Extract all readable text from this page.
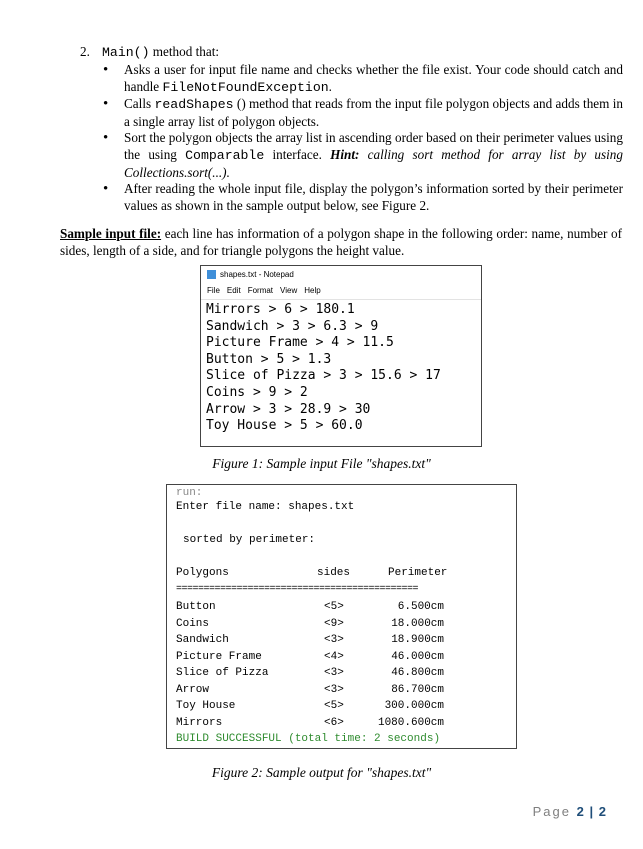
2. Main() method that:
• Asks a user for input file name and checks whether the file exist. Your code should catch and handle FileNotFoundException.
• Calls readShapes () method that reads from the input file polygon objects and adds them in a single array list of polygon objects.
• Sort the polygon objects the array list in ascending order based on their perimeter values using the using Comparable interface. Hint: calling sort method for array list by using Collections.sort(...).
• After reading the whole input file, display the polygon’s information sorted by their perimeter values as shown in the sample output below, see Figure 2.
Sample input file: each line has information of a polygon shape in the following order: name, number of sides, length of a side, and for triangle polygons the height value.
shapes.txt - Notepad
File Edit Format View Help
Mirrors > 6 > 180.1
Sandwich > 3 > 6.3 > 9
Picture Frame > 4 > 11.5
Button > 5 > 1.3
Slice of Pizza > 3 > 15.6 > 17
Coins > 9 > 2
Arrow > 3 > 28.9 > 30
Toy House > 5 > 60.0
Figure 1: Sample input File "shapes.txt"
run:
Enter file name: shapes.txt
sorted by perimeter:
Polygons	sides	Perimeter
============================================
Button	<5>	6.500cm
Coins	<9>	18.000cm
Sandwich	<3>	18.900cm
Picture Frame	<4>	46.000cm
Slice of Pizza	<3>	46.800cm
Arrow	<3>	86.700cm
Toy House	<5>	300.000cm
Mirrors	<6>	1080.600cm
BUILD SUCCESSFUL (total time: 2 seconds)
Figure 2: Sample output for "shapes.txt"
Page 2 | 2
